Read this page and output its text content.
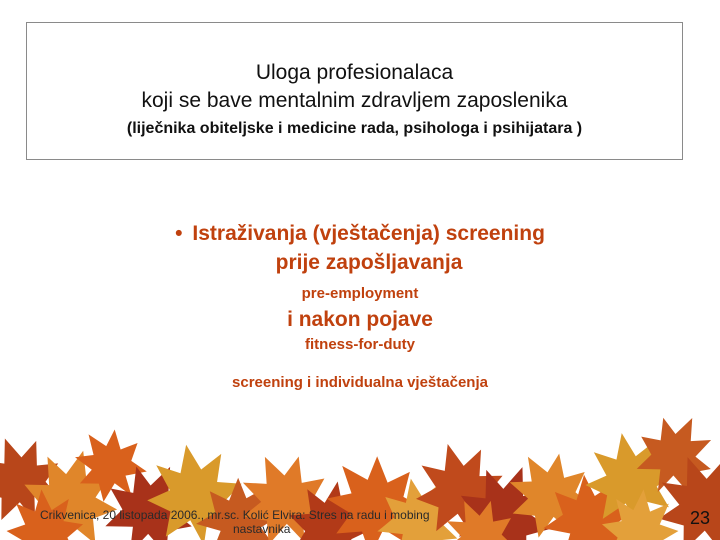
Uloga profesionalaca
koji se bave mentalnim zdravljem zaposlenika
(liječnika obiteljske i medicine rada, psihologa i psihijatara )
• Istraživanja (vještačenja) screening
prije zapošljavanja
pre-employment
i nakon pojave
fitness-for-duty
screening i individualna vještačenja
Crikvenica, 20 listopada 2006., mr.sc. Kolić Elvira: Stres na radu i mobing
nastavnika
23
